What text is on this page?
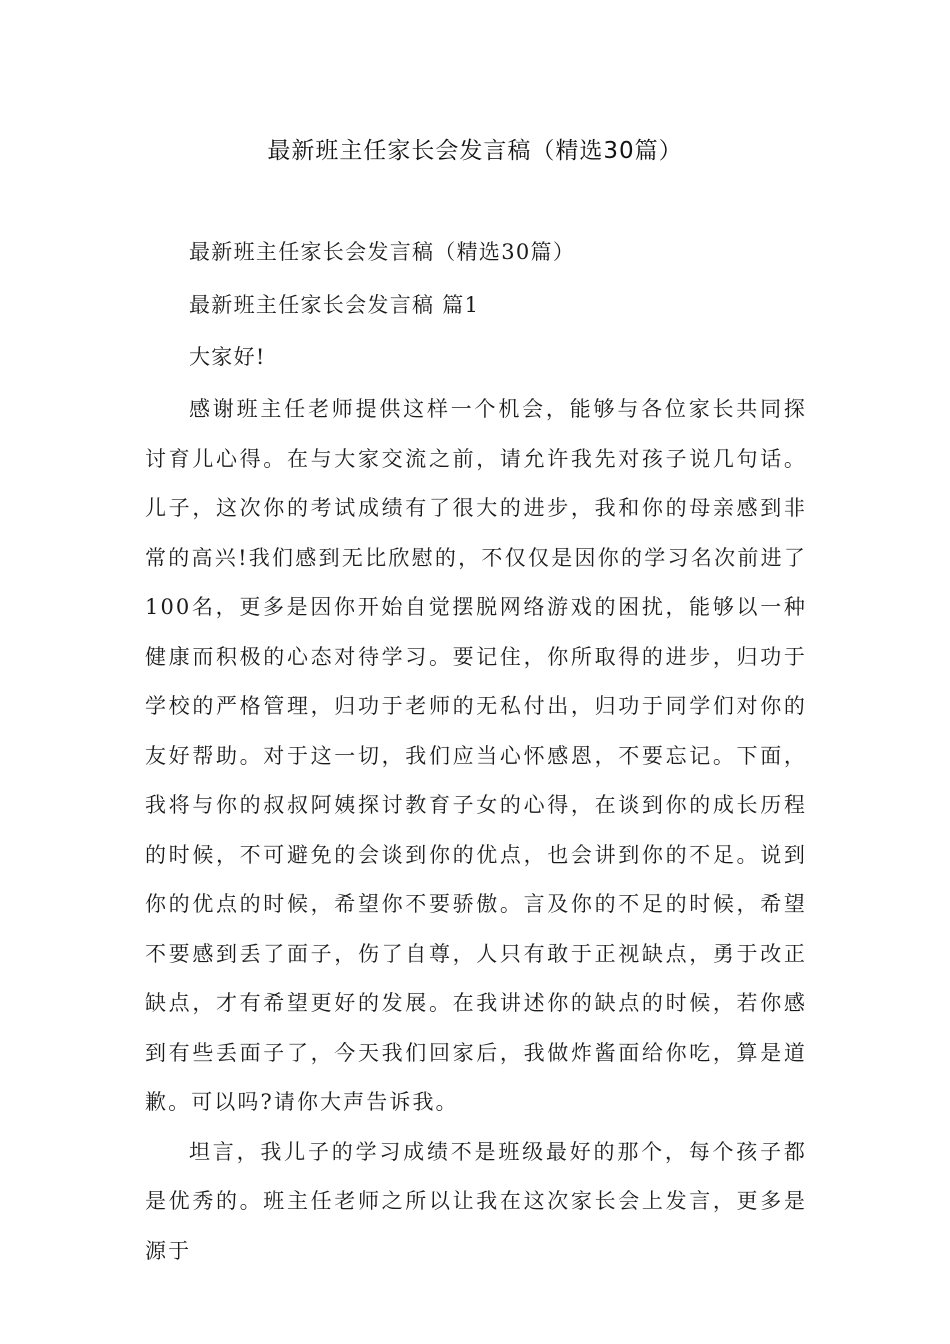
最新班主任家长会发言稿（精选30篇）

最新班主任家长会发言稿（精选30篇）

最新班主任家长会发言稿 篇1

大家好!

感谢班主任老师提供这样一个机会，能够与各位家长共同探讨育儿心得。在与大家交流之前，请允许我先对孩子说几句话。儿子，这次你的考试成绩有了很大的进步，我和你的母亲感到非常的高兴!我们感到无比欣慰的，不仅仅是因你的学习名次前进了100名，更多是因你开始自觉摆脱网络游戏的困扰，能够以一种健康而积极的心态对待学习。要记住，你所取得的进步，归功于学校的严格管理，归功于老师的无私付出，归功于同学们对你的友好帮助。对于这一切，我们应当心怀感恩，不要忘记。下面，我将与你的叔叔阿姨探讨教育子女的心得，在谈到你的成长历程的时候，不可避免的会谈到你的优点，也会讲到你的不足。说到你的优点的时候，希望你不要骄傲。言及你的不足的时候，希望不要感到丢了面子，伤了自尊，人只有敢于正视缺点，勇于改正缺点，才有希望更好的发展。在我讲述你的缺点的时候，若你感到有些丢面子了，今天我们回家后，我做炸酱面给你吃，算是道歉。可以吗?请你大声告诉我。

坦言，我儿子的学习成绩不是班级最好的那个，每个孩子都是优秀的。班主任老师之所以让我在这次家长会上发言，更多是源于
